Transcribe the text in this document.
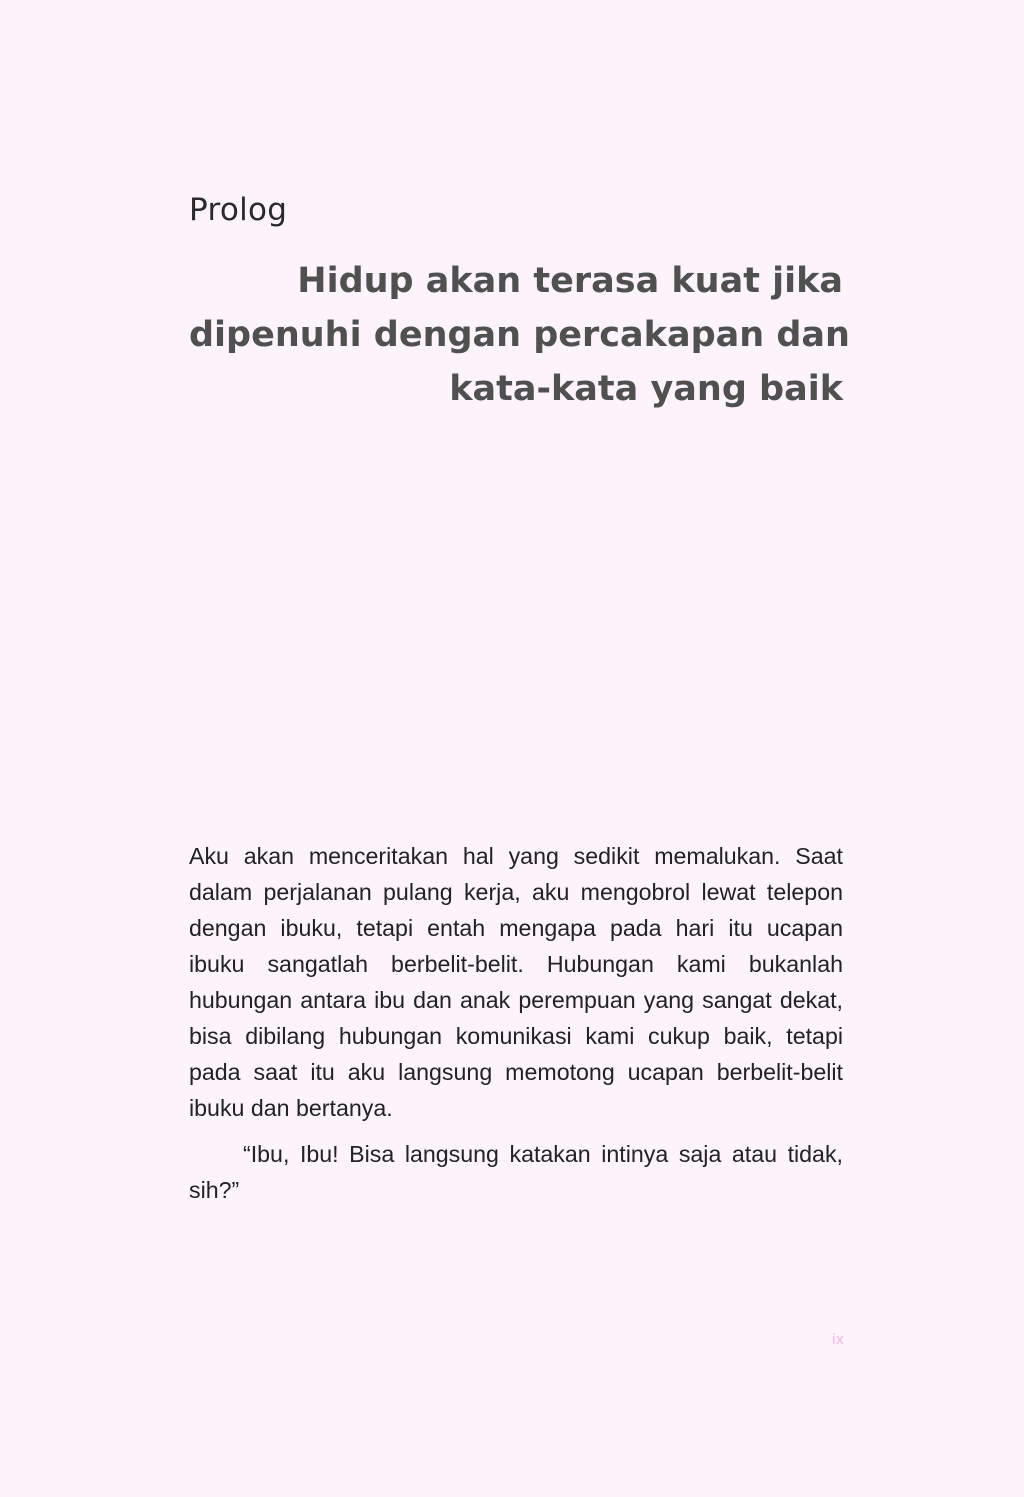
Prolog
Hidup akan terasa kuat jika
dipenuhi dengan percakapan dan
kata-kata yang baik

Aku akan menceritakan hal yang sedikit memalukan. Saat dalam perjalanan pulang kerja, aku mengobrol lewat telepon dengan ibuku, tetapi entah mengapa pada hari itu ucapan ibuku sangatlah berbelit-belit. Hubungan kami bukanlah hubungan antara ibu dan anak perempuan yang sangat dekat, bisa dibilang hubungan komunikasi kami cukup baik, tetapi pada saat itu aku langsung memotong ucapan berbelit-belit ibuku dan bertanya.

“Ibu, Ibu! Bisa langsung katakan intinya saja atau tidak, sih?”

ix
